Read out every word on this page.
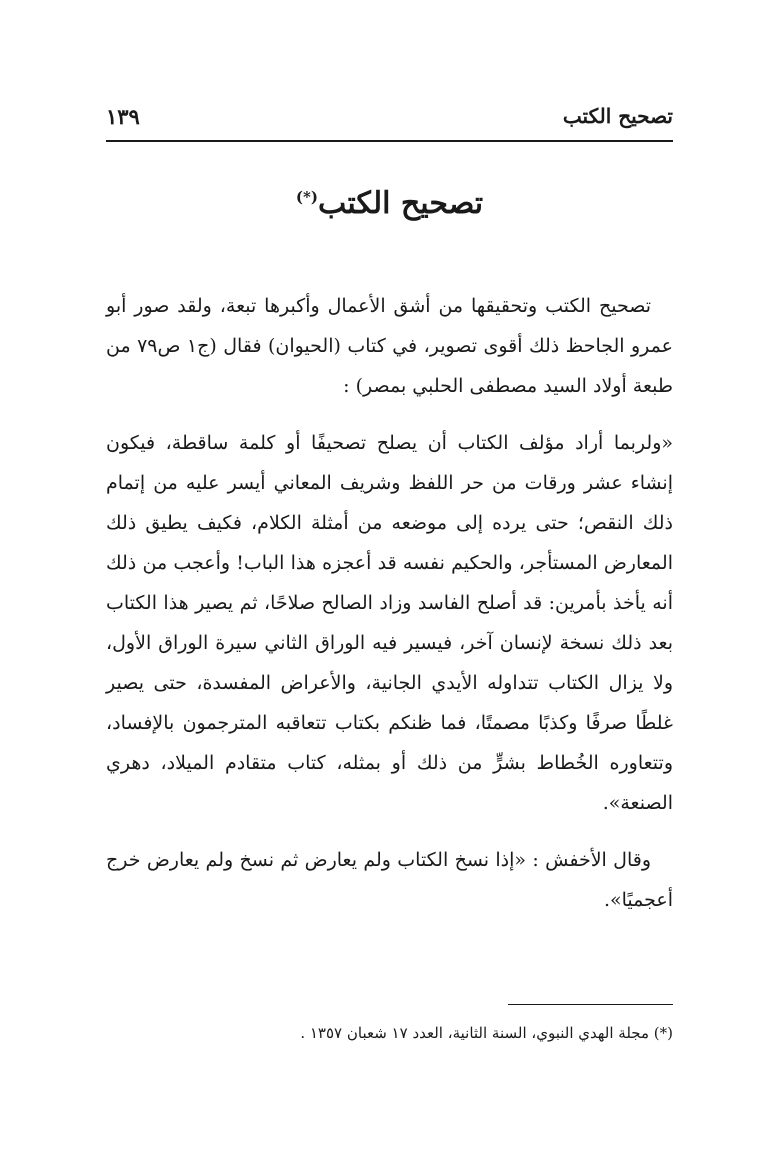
تصحيح الكتب
١٣٩
تصحيح الكتب(*)

تصحيح الكتب وتحقيقها من أشق الأعمال وأكبرها تبعة، ولقد صور أبو عمرو الجاحظ ذلك أقوى تصوير، في كتاب (الحيوان) فقال (ج١ ص٧٩ من طبعة أولاد السيد مصطفى الحلبي بمصر) :

«ولربما أراد مؤلف الكتاب أن يصلح تصحيفًا أو كلمة ساقطة، فيكون إنشاء عشر ورقات من حر اللفظ وشريف المعاني أيسر عليه من إتمام ذلك النقص؛ حتى يرده إلى موضعه من أمثلة الكلام، فكيف يطيق ذلك المعارض المستأجر، والحكيم نفسه قد أعجزه هذا الباب! وأعجب من ذلك أنه يأخذ بأمرين: قد أصلح الفاسد وزاد الصالح صلاحًا، ثم يصير هذا الكتاب بعد ذلك نسخة لإنسان آخر، فيسير فيه الوراق الثاني سيرة الوراق الأول، ولا يزال الكتاب تتداوله الأيدي الجانية، والأعراض المفسدة، حتى يصير غلطًا صرفًا وكذبًا مصمتًا، فما ظنكم بكتاب تتعاقبه المترجمون بالإفساد، وتتعاوره الخُطاط بشرٍّ من ذلك أو بمثله، كتاب متقادم الميلاد، دهري الصنعة».

وقال الأخفش : «إذا نسخ الكتاب ولم يعارض ثم نسخ ولم يعارض خرج أعجميًا».

(*) مجلة الهدي النبوي، السنة الثانية، العدد ١٧ شعبان ١٣٥٧ .
